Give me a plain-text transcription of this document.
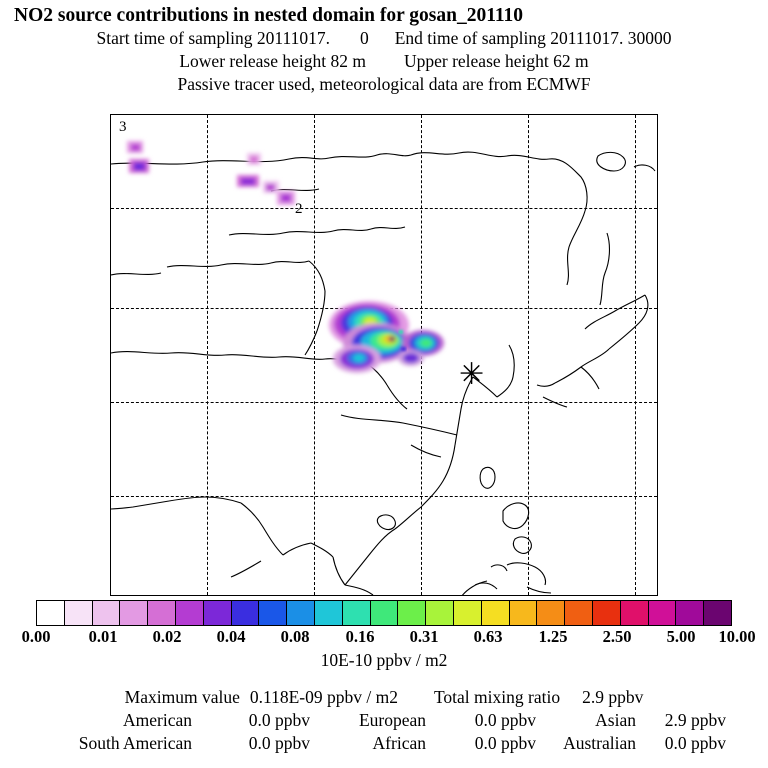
NO2 source contributions in nested domain for gosan_201110
Start time of sampling 20111017. 0 End time of sampling 20111017. 30000
Lower release height 82 m Upper release height 62 m
Passive tracer used, meteorological data are from ECMWF
3
2
✳
0.00 0.01 0.02 0.04 0.08 0.16 0.31 0.63 1.25 2.50 5.00 10.00
10E-10 ppbv / m2
Maximum value
0.118E-09 ppbv / m2
Total mixing ratio
2.9 ppbv
American	0.0 ppbv	European	0.0 ppbv	Asian	2.9 ppbv
South American	0.0 ppbv	African	0.0 ppbv	Australian	0.0 ppbv
